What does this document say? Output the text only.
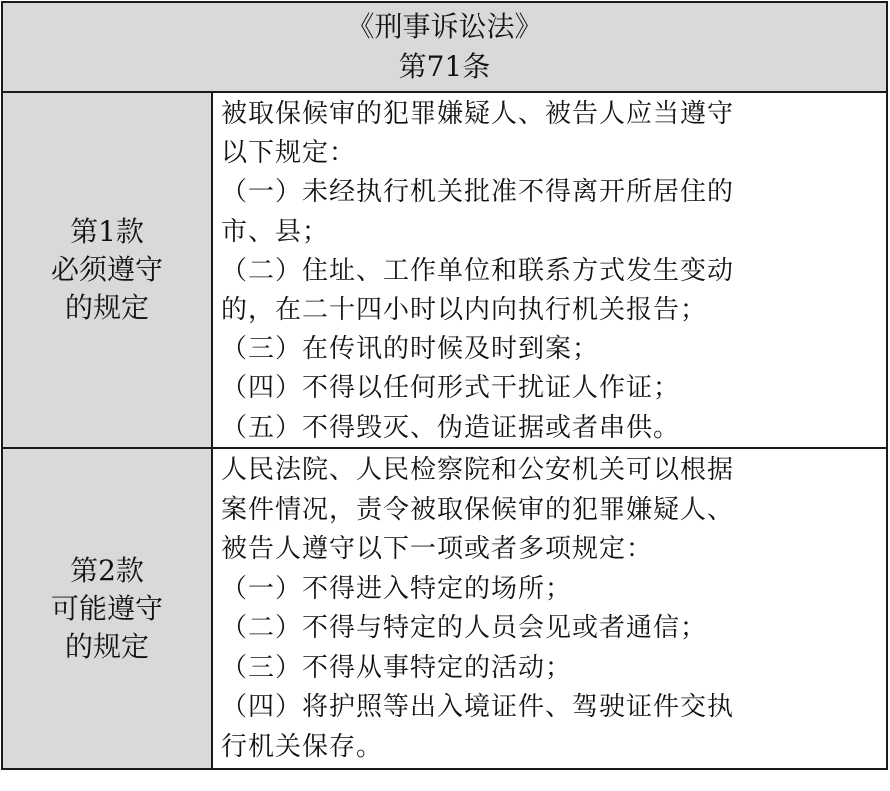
《刑事诉讼法》
第71条
第1款
必须遵守
的规定
被取保候审的犯罪嫌疑人、被告人应当遵守
以下规定：
（一）未经执行机关批准不得离开所居住的
市、县；
（二）住址、工作单位和联系方式发生变动
的，在二十四小时以内向执行机关报告；
（三）在传讯的时候及时到案；
（四）不得以任何形式干扰证人作证；
（五）不得毁灭、伪造证据或者串供。
第2款
可能遵守
的规定
人民法院、人民检察院和公安机关可以根据
案件情况，责令被取保候审的犯罪嫌疑人、
被告人遵守以下一项或者多项规定：
（一）不得进入特定的场所；
（二）不得与特定的人员会见或者通信；
（三）不得从事特定的活动；
（四）将护照等出入境证件、驾驶证件交执
行机关保存。
